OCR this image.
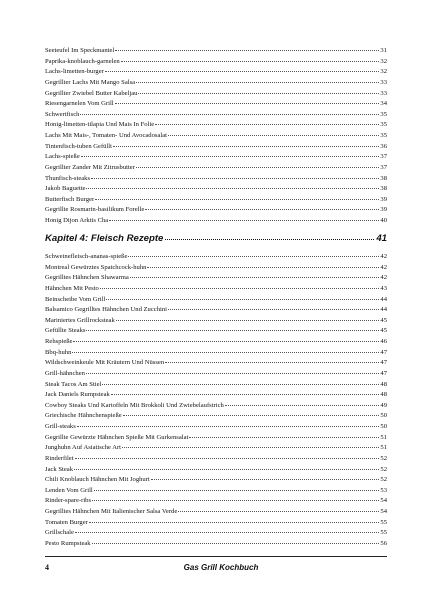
Seeteufel Im Speckmantel	31
Paprika-knoblauch-garnelen	32
Lachs-limetten-burger	32
Gegrillter Lachs Mit Mango Salsa	33
Gegrillter Zwiebel Butter Kabeljau	33
Riesengarnelen Vom Grill	34
Schwertfisch	35
Honig-limetten-tilapia Und Mais In Folie	35
Lachs Mit Mais-, Tomaten- Und Avocadosalat	35
Tintenfisch-tuben Gefüllt	36
Lachs-spieße	37
Gegrillter Zander Mit Zitrusbutter	37
Thunfisch-steaks	38
Jakob Baguette	38
Butterfisch Burger	39
Gegrillte Rosmarin-basilikum Forelle	39
Honig Dijon Arktis Cha	40
Kapitel 4: Fleisch Rezepte	41
Schweinefleisch-ananas-spieße	42
Montreal Gewürztes Spatchcock-huhn	42
Gegrilltes Hähnchen Shawarma	42
Hähnchen Mit Pesto	43
Beinscheibe Vom Grill	44
Balsamico Gegrilltes Hähnchen Und Zucchini	44
Mariniertes Grillrocksteak	45
Gefüllte Steaks	45
Rehspieße	46
Bbq-huhn	47
Wildschweinkeule Mit Kräutern Und Nüssen	47
Grill-hähnchen	47
Steak Tacos Am Stiel	48
Jack Daniels Rumpsteak	48
Cowboy Steaks Und Kartoffeln Mit Brokkoli Und Zwiebelaufstrich	49
Griechische Hähnchenspieße	50
Grill-steaks	50
Gegrillte Gewürzte Hähnchen Spieße Mit Gurkensalat	51
Junghuhn Auf Asiatische Art	51
Rinderfilet	52
Jack Steak	52
Chili Knoblauch Hähnchen Mit Joghurt	52
Lenden Vom Grill	53
Rinder-spare-ribs	54
Gegrilltes Hähnchen Mit Italienischer Salsa Verde	54
Tomaten Burger	55
Grillschale	55
Pesto Rumpsteak	56
4	Gas Grill Kochbuch
